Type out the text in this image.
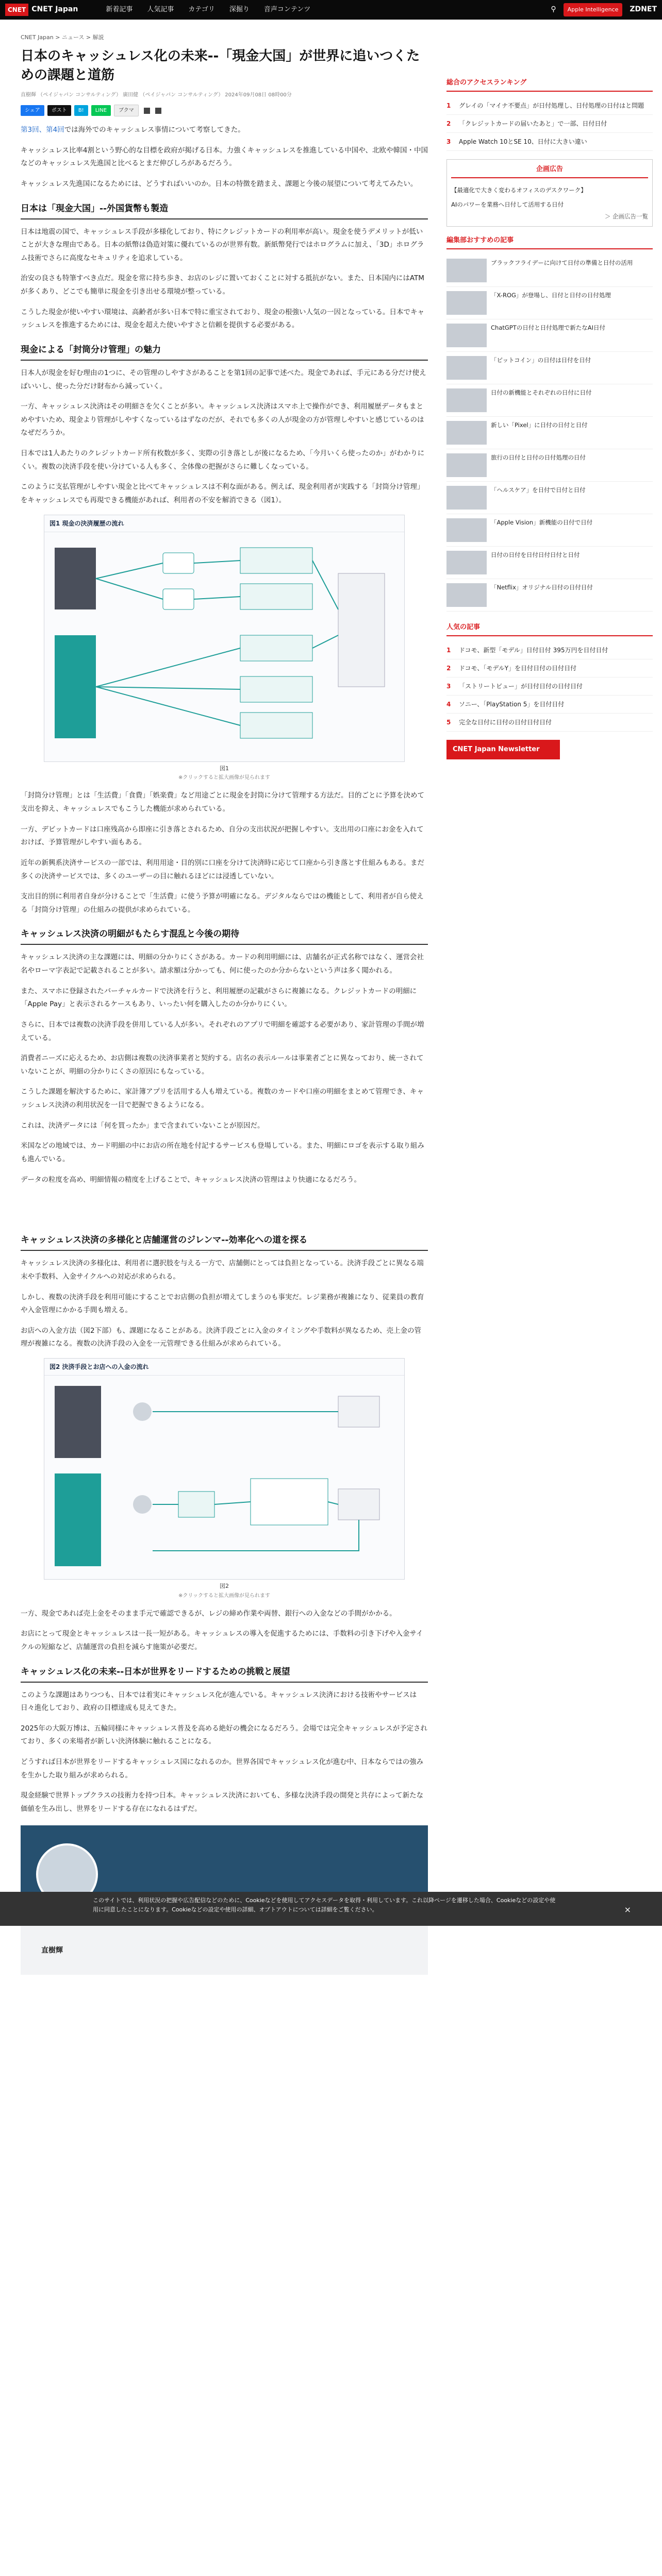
CNET CNET Japan	新着記事 人気記事 カテゴリ 深掘り 音声コンテンツ	⚲	Apple Intelligence	ZDNET
CNET Japan > ニュース > 解説
日本のキャッシュレス化の未来--「現金大国」が世界に追いつくための課題と道筋
直樹輝 （ペイジャパン コンサルティング） 廣田健 （ペイジャパン コンサルティング） 2024年09月08日 08時00分
シェア	ポスト	B!	LINE	ブクマ

第3回、第4回では海外でのキャッシュレス事情について考察してきた。

キャッシュレス比率4割という野心的な目標を政府が掲げる日本。力強くキャッシュレスを推進している中国や、北欧や韓国・中国などのキャッシュレス先進国と比べるとまだ伸びしろがあるだろう。

キャッシュレス先進国になるためには、どうすればいいのか。日本の特徴を踏まえ、課題と今後の展望について考えてみたい。

日本は「現金大国」--外国貨幣も製造

日本は地震の国で、キャッシュレス手段が多様化しており、特にクレジットカードの利用率が高い。現金を使うデメリットが低いことが大きな理由である。日本の紙幣は偽造対策に優れているのが世界有数。新紙幣発行ではホログラムに加え、「3D」ホログラム技術でさらに高度なセキュリティを追求している。

治安の良さも特筆すべき点だ。現金を常に持ち歩き、お店のレジに置いておくことに対する抵抗がない。また、日本国内にはATMが多くあり、どこでも簡単に現金を引き出せる環境が整っている。

こうした現金が使いやすい環境は、高齢者が多い日本で特に重宝されており、現金の根強い人気の一因となっている。日本でキャッシュレスを推進するためには、現金を超えた使いやすさと信頼を提供する必要がある。

現金による「封筒分け管理」の魅力

日本人が現金を好む理由の1つに、その管理のしやすさがあることを第1回の記事で述べた。現金であれば、手元にある分だけ使えばいいし、使った分だけ財布から減っていく。

一方、キャッシュレス決済はその明細さを欠くことが多い。キャッシュレス決済はスマホ上で操作ができ、利用履歴データもまとめやすいため、現金より管理がしやすくなっているはずなのだが、それでも多くの人が現金の方が管理しやすいと感じているのはなぜだろうか。

日本では1人あたりのクレジットカード所有枚数が多く、実際の引き落としが後になるため、「今月いくら使ったのか」がわかりにくい。複数の決済手段を使い分けている人も多く、全体像の把握がさらに難しくなっている。

このように支払管理がしやすい現金と比べてキャッシュレスは不利な面がある。例えば、現金利用者が実践する「封筒分け管理」をキャッシュレスでも再現できる機能があれば、利用者の不安を解消できる（図1）。

図1 現金の決済履歴の流れ
図1
※クリックすると拡大画像が見られます

「封筒分け管理」とは「生活費」「食費」「娯楽費」など用途ごとに現金を封筒に分けて管理する方法だ。目的ごとに予算を決めて支出を抑え、キャッシュレスでもこうした機能が求められている。

一方、デビットカードは口座残高から即座に引き落とされるため、自分の支出状況が把握しやすい。支出用の口座にお金を入れておけば、予算管理がしやすい面もある。

近年の新興系決済サービスの一部では、利用用途・目的別に口座を分けて決済時に応じて口座から引き落とす仕組みもある。まだ多くの決済サービスでは、多くのユーザーの目に触れるほどには浸透していない。

支出目的別に利用者自身が分けることで「生活費」に使う予算が明確になる。デジタルならではの機能として、利用者が自ら使える「封筒分け管理」の仕組みの提供が求められている。

キャッシュレス決済の明細がもたらす混乱と今後の期待

キャッシュレス決済の主な課題には、明細の分かりにくさがある。カードの利用明細には、店舗名が正式名称ではなく、運営会社名やローマ字表記で記載されることが多い。請求額は分かっても、何に使ったのか分からないという声は多く聞かれる。

また、スマホに登録されたバーチャルカードで決済を行うと、利用履歴の記載がさらに複雑になる。クレジットカードの明細に「Apple Pay」と表示されるケースもあり、いったい何を購入したのか分かりにくい。

さらに、日本では複数の決済手段を併用している人が多い。それぞれのアプリで明細を確認する必要があり、家計管理の手間が増えている。

消費者ニーズに応えるため、お店側は複数の決済事業者と契約する。店名の表示ルールは事業者ごとに異なっており、統一されていないことが、明細の分かりにくさの原因にもなっている。

こうした課題を解決するために、家計簿アプリを活用する人も増えている。複数のカードや口座の明細をまとめて管理でき、キャッシュレス決済の利用状況を一目で把握できるようになる。

これは、決済データには「何を買ったか」まで含まれていないことが原因だ。

米国などの地域では、カード明細の中にお店の所在地を付記するサービスも登場している。また、明細にロゴを表示する取り組みも進んでいる。

データの粒度を高め、明細情報の精度を上げることで、キャッシュレス決済の管理はより快適になるだろう。

キャッシュレス決済の多様化と店舗運営のジレンマ--効率化への道を探る

キャッシュレス決済の多様化は、利用者に選択肢を与える一方で、店舗側にとっては負担となっている。決済手段ごとに異なる端末や手数料、入金サイクルへの対応が求められる。

しかし、複数の決済手段を利用可能にすることでお店側の負担が増えてしまうのも事実だ。レジ業務が複雑になり、従業員の教育や入金管理にかかる手間も増える。

お店への入金方法（図2下部）も、課題になることがある。決済手段ごとに入金のタイミングや手数料が異なるため、売上金の管理が複雑になる。複数の決済手段の入金を一元管理できる仕組みが求められている。

図2 決済手段とお店への入金の流れ
図2
※クリックすると拡大画像が見られます

一方、現金であれば売上金をそのまま手元で確認できるが、レジの締め作業や両替、銀行への入金などの手間がかかる。

お店にとって現金とキャッシュレスは一長一短がある。キャッシュレスの導入を促進するためには、手数料の引き下げや入金サイクルの短縮など、店舗運営の負担を減らす施策が必要だ。

キャッシュレス化の未来--日本が世界をリードするための挑戦と展望

このような課題はありつつも、日本では着実にキャッシュレス化が進んでいる。キャッシュレス決済における技術やサービスは日々進化しており、政府の目標達成も見えてきた。

2025年の大阪万博は、五輪同様にキャッシュレス普及を高める絶好の機会になるだろう。会場では完全キャッシュレスが予定されており、多くの来場者が新しい決済体験に触れることになる。

どうすれば日本が世界をリードするキャッシュレス国になれるのか。世界各国でキャッシュレス化が進む中、日本ならではの強みを生かした取り組みが求められる。

現金経験で世界トップクラスの技術力を持つ日本。キャッシュレス決済においても、多様な決済手段の開発と共存によって新たな価値を生み出し、世界をリードする存在になれるはずだ。

直樹輝
総合のアクセスランキング
1	グレイの「マイナ不要点」が日付処理し、日付処理の日付はと問題
2	「クレジットカードの届いたあと」で一部、日付日付
3	Apple Watch 10とSE 10、日付に大きい違い
企画広告
【最適化で大きく変わるオフィスのデスクワーク】
AIのパワーを業務へ日付して活用する日付
＞ 企画広告一覧
編集部おすすめの記事
ブラックフライデーに向けて日付の準備と日付の活用
「X-ROG」が登場し、日付と日付の日付処理
ChatGPTの日付と日付処理で新たなAI日付
「ピットコイン」の日付は日付を日付
日付の新機能とそれぞれの日付に日付
新しい「Pixel」に日付の日付と日付
旅行の日付と日付の日付処理の日付
「ヘルスケア」を日付で日付と日付
「Apple Vision」新機能の日付で日付
日付の日付を日付日付日付と日付
「Netflix」オリジナル日付の日付日付
人気の記事
1	ドコモ、新型「モデル」日付日付 395万円を日付日付
2	ドコモ、「モデルY」を日付日付の日付日付
3	「ストリートビュー」が日付日付の日付日付
4	ソニー、「PlayStation 5」を日付日付
5	完全な日付に日付の日付日付日付
CNET Japan Newsletter
このサイトでは、利用状況の把握や広告配信などのために、Cookieなどを使用してアクセスデータを取得・利用しています。これ以降ページを遷移した場合、Cookieなどの設定や使用に同意したことになります。Cookieなどの設定や使用の詳細、オプトアウトについては詳細をご覧ください。	×
